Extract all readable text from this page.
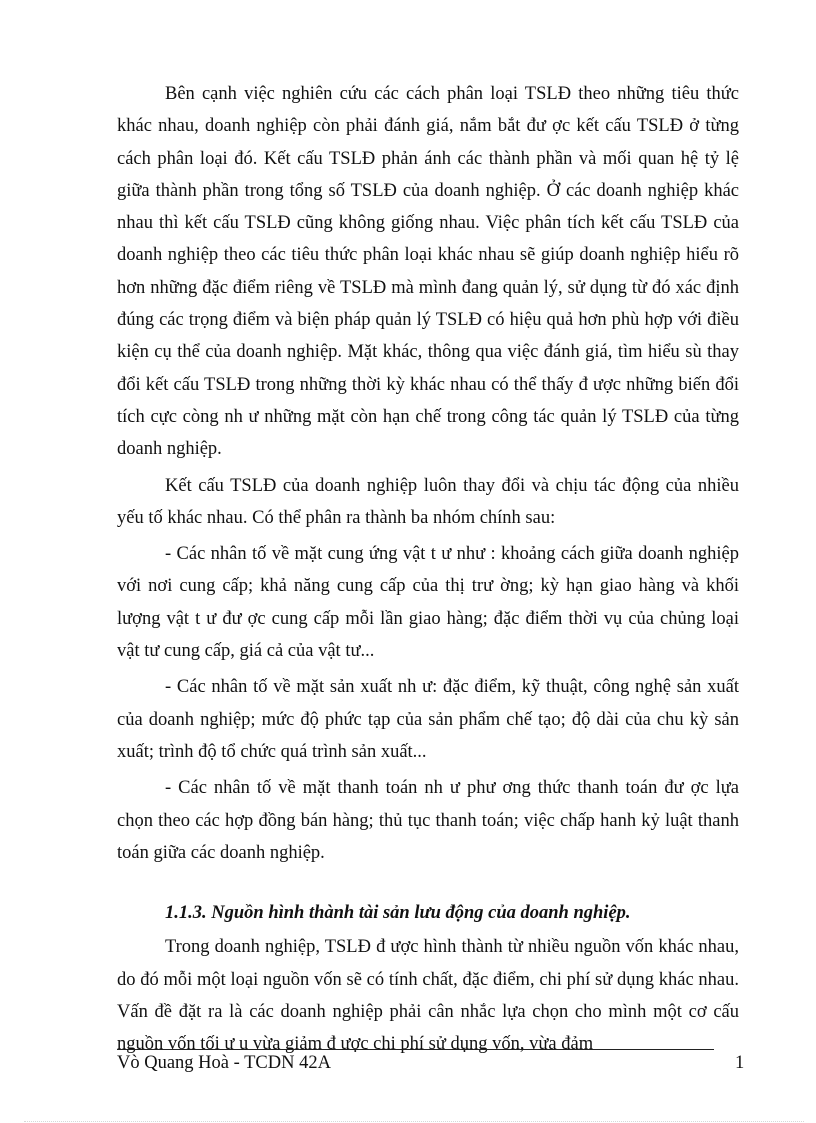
Bên cạnh việc nghiên cứu các cách phân loại TSLĐ theo những tiêu thức khác nhau, doanh nghiệp còn phải đánh giá, nắm bắt đư ợc kết cấu TSLĐ ở từng cách phân loại đó. Kết cấu TSLĐ phản ánh các thành phần và mối quan hệ tỷ lệ giữa thành phần trong tổng số TSLĐ của doanh nghiệp. Ở các doanh nghiệp khác nhau thì kết cấu TSLĐ cũng không giống nhau. Việc phân tích kết cấu TSLĐ của doanh nghiệp theo các tiêu thức phân loại khác nhau sẽ giúp doanh nghiệp hiểu rõ hơn những đặc điểm riêng về TSLĐ mà mình đang quản lý, sử dụng từ đó xác định đúng các trọng điểm và biện pháp quản lý TSLĐ có hiệu quả hơn phù hợp với điều kiện cụ thể của doanh nghiệp. Mặt khác, thông qua việc đánh giá, tìm hiểu sù thay đổi kết cấu TSLĐ trong những thời kỳ khác nhau có thể thấy đ ược những biến đổi tích cực còng nh ư những mặt còn hạn chế trong công tác quản lý TSLĐ của từng doanh nghiệp.

Kết cấu TSLĐ của doanh nghiệp luôn thay đổi và chịu tác động của nhiều yếu tố khác nhau. Có thể phân ra thành ba nhóm chính sau:

- Các nhân tố về mặt cung ứng vật t ư như : khoảng cách giữa doanh nghiệp với nơi cung cấp; khả năng cung cấp của thị trư ờng; kỳ hạn giao hàng và khối lượng vật t ư đư ợc cung cấp mỗi lần giao hàng; đặc điểm thời vụ của chủng loại vật tư cung cấp, giá cả của vật tư...

- Các nhân tố về mặt sản xuất nh ư: đặc điểm, kỹ thuật, công nghệ sản xuất của doanh nghiệp; mức độ phức tạp của sản phẩm chế tạo; độ dài của chu kỳ sản xuất; trình độ tổ chức quá trình sản xuất...

- Các nhân tố về mặt thanh toán nh ư phư ơng thức thanh toán đư ợc lựa chọn theo các hợp đồng bán hàng; thủ tục thanh toán; việc chấp hanh kỷ luật thanh toán giữa các doanh nghiệp.

1.1.3. Nguồn hình thành tài sản lưu động của doanh nghiệp.

Trong doanh nghiệp, TSLĐ đ ược hình thành từ nhiều nguồn vốn khác nhau, do đó mỗi một loại nguồn vốn sẽ có tính chất, đặc điểm, chi phí sử dụng khác nhau. Vấn đề đặt ra là các doanh nghiệp phải cân nhắc lựa chọn cho mình một cơ cấu nguồn vốn tối ư u vừa giảm đ ược chi phí sử dụng vốn, vừa đảm

Vò Quang Hoà - TCDN 42A	1
